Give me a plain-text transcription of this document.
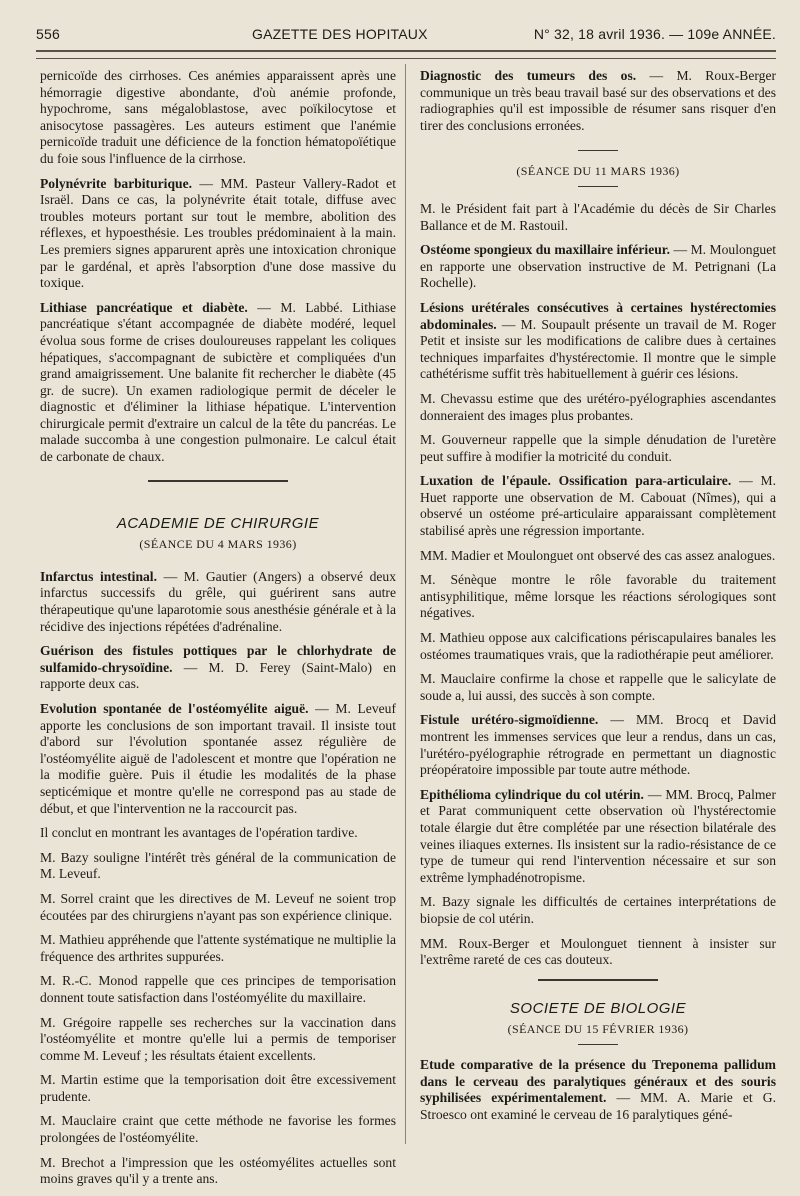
556	GAZETTE DES HOPITAUX	N° 32, 18 avril 1936. — 109e ANNÉE.

pernicoïde des cirrhoses. Ces anémies apparaissent après une hémorragie digestive abondante, d'où anémie profonde, hypochrome, sans mégaloblastose, avec poïkilocytose et anisocytose passagères. Les auteurs estiment que l'anémie pernicoïde traduit une déficience de la fonction hématopoïétique du foie sous l'influence de la cirrhose.

Polynévrite barbiturique. — MM. Pasteur Vallery-Radot et Israël. Dans ce cas, la polynévrite était totale, diffuse avec troubles moteurs portant sur tout le membre, abolition des réflexes, et hypoesthésie. Les troubles prédominaient à la main. Les premiers signes apparurent après une intoxication chronique par le gardénal, et après l'absorption d'une dose massive du toxique.

Lithiase pancréatique et diabète. — M. Labbé. Lithiase pancréatique s'étant accompagnée de diabète modéré, lequel évolua sous forme de crises douloureuses rappelant les coliques hépatiques, s'accompagnant de subictère et compliquées d'un grand amaigrissement. Une balanite fit rechercher le diabète (45 gr. de sucre). Un examen radiologique permit de déceler le diagnostic et d'éliminer la lithiase hépatique. L'intervention chirurgicale permit d'extraire un calcul de la tête du pancréas. Le malade succomba à une congestion pulmonaire. Le calcul était de carbonate de chaux.

ACADEMIE DE CHIRURGIE
(SÉANCE DU 4 MARS 1936)

Infarctus intestinal. — M. Gautier (Angers) a observé deux infarctus successifs du grêle, qui guérirent sans autre thérapeutique qu'une laparotomie sous anesthésie générale et à la récidive des injections répétées d'adrénaline.

Guérison des fistules pottiques par le chlorhydrate de sulfamido-chrysoïdine. — M. D. Ferey (Saint-Malo) en rapporte deux cas.

Evolution spontanée de l'ostéomyélite aiguë. — M. Leveuf apporte les conclusions de son important travail. Il insiste tout d'abord sur l'évolution spontanée assez régulière de l'ostéomyélite aiguë de l'adolescent et montre que l'opération ne la modifie guère. Puis il étudie les modalités de la phase septicémique et montre qu'elle ne correspond pas au stade de début, et que l'intervention ne la raccourcit pas.

Il conclut en montrant les avantages de l'opération tardive.

M. Bazy souligne l'intérêt très général de la communication de M. Leveuf.

M. Sorrel craint que les directives de M. Leveuf ne soient trop écoutées par des chirurgiens n'ayant pas son expérience clinique.

M. Mathieu appréhende que l'attente systématique ne multiplie la fréquence des arthrites suppurées.

M. R.-C. Monod rappelle que ces principes de temporisation donnent toute satisfaction dans l'ostéomyélite du maxillaire.

M. Grégoire rappelle ses recherches sur la vaccination dans l'ostéomyélite et montre qu'elle lui a permis de temporiser comme M. Leveuf ; les résultats étaient excellents.

M. Martin estime que la temporisation doit être excessivement prudente.

M. Mauclaire craint que cette méthode ne favorise les formes prolongées de l'ostéomyélite.

M. Brechot a l'impression que les ostéomyélites actuelles sont moins graves qu'il y a trente ans.

Diagnostic des tumeurs des os. — M. Roux-Berger communique un très beau travail basé sur des observations et des radiographies qu'il est impossible de résumer sans risquer d'en tirer des conclusions erronées.

(SÉANCE DU 11 MARS 1936)

M. le Président fait part à l'Académie du décès de Sir Charles Ballance et de M. Rastouil.

Ostéome spongieux du maxillaire inférieur. — M. Moulonguet en rapporte une observation instructive de M. Petrignani (La Rochelle).

Lésions urétérales consécutives à certaines hystérectomies abdominales. — M. Soupault présente un travail de M. Roger Petit et insiste sur les modifications de calibre dues à certaines techniques imparfaites d'hystérectomie. Il montre que le simple cathétérisme suffit très habituellement à guérir ces lésions.

M. Chevassu estime que des urétéro-pyélographies ascendantes donneraient des images plus probantes.

M. Gouverneur rappelle que la simple dénudation de l'uretère peut suffire à modifier la motricité du conduit.

Luxation de l'épaule. Ossification para-articulaire. — M. Huet rapporte une observation de M. Cabouat (Nîmes), qui a observé un ostéome pré-articulaire apparaissant complètement stabilisé après une régression importante.

MM. Madier et Moulonguet ont observé des cas assez analogues.

M. Sénèque montre le rôle favorable du traitement antisyphilitique, même lorsque les réactions sérologiques sont négatives.

M. Mathieu oppose aux calcifications périscapulaires banales les ostéomes traumatiques vrais, que la radiothérapie peut améliorer.

M. Mauclaire confirme la chose et rappelle que le salicylate de soude a, lui aussi, des succès à son compte.

Fistule urétéro-sigmoïdienne. — MM. Brocq et David montrent les immenses services que leur a rendus, dans un cas, l'urétéro-pyélographie rétrograde en permettant un diagnostic préopératoire impossible par toute autre méthode.

Epithélioma cylindrique du col utérin. — MM. Brocq, Palmer et Parat communiquent cette observation où l'hystérectomie totale élargie dut être complétée par une résection bilatérale des veines iliaques externes. Ils insistent sur la radio-résistance de ce type de tumeur qui rend l'intervention nécessaire et sur son extrême lymphadénotropisme.

M. Bazy signale les difficultés de certaines interprétations de biopsie de col utérin.

MM. Roux-Berger et Moulonguet tiennent à insister sur l'extrême rareté de ces cas douteux.

SOCIETE DE BIOLOGIE
(SÉANCE DU 15 FÉVRIER 1936)

Etude comparative de la présence du Treponema pallidum dans le cerveau des paralytiques généraux et des souris syphilisées expérimentalement. — MM. A. Marie et G. Stroesco ont examiné le cerveau de 16 paralytiques géné-
